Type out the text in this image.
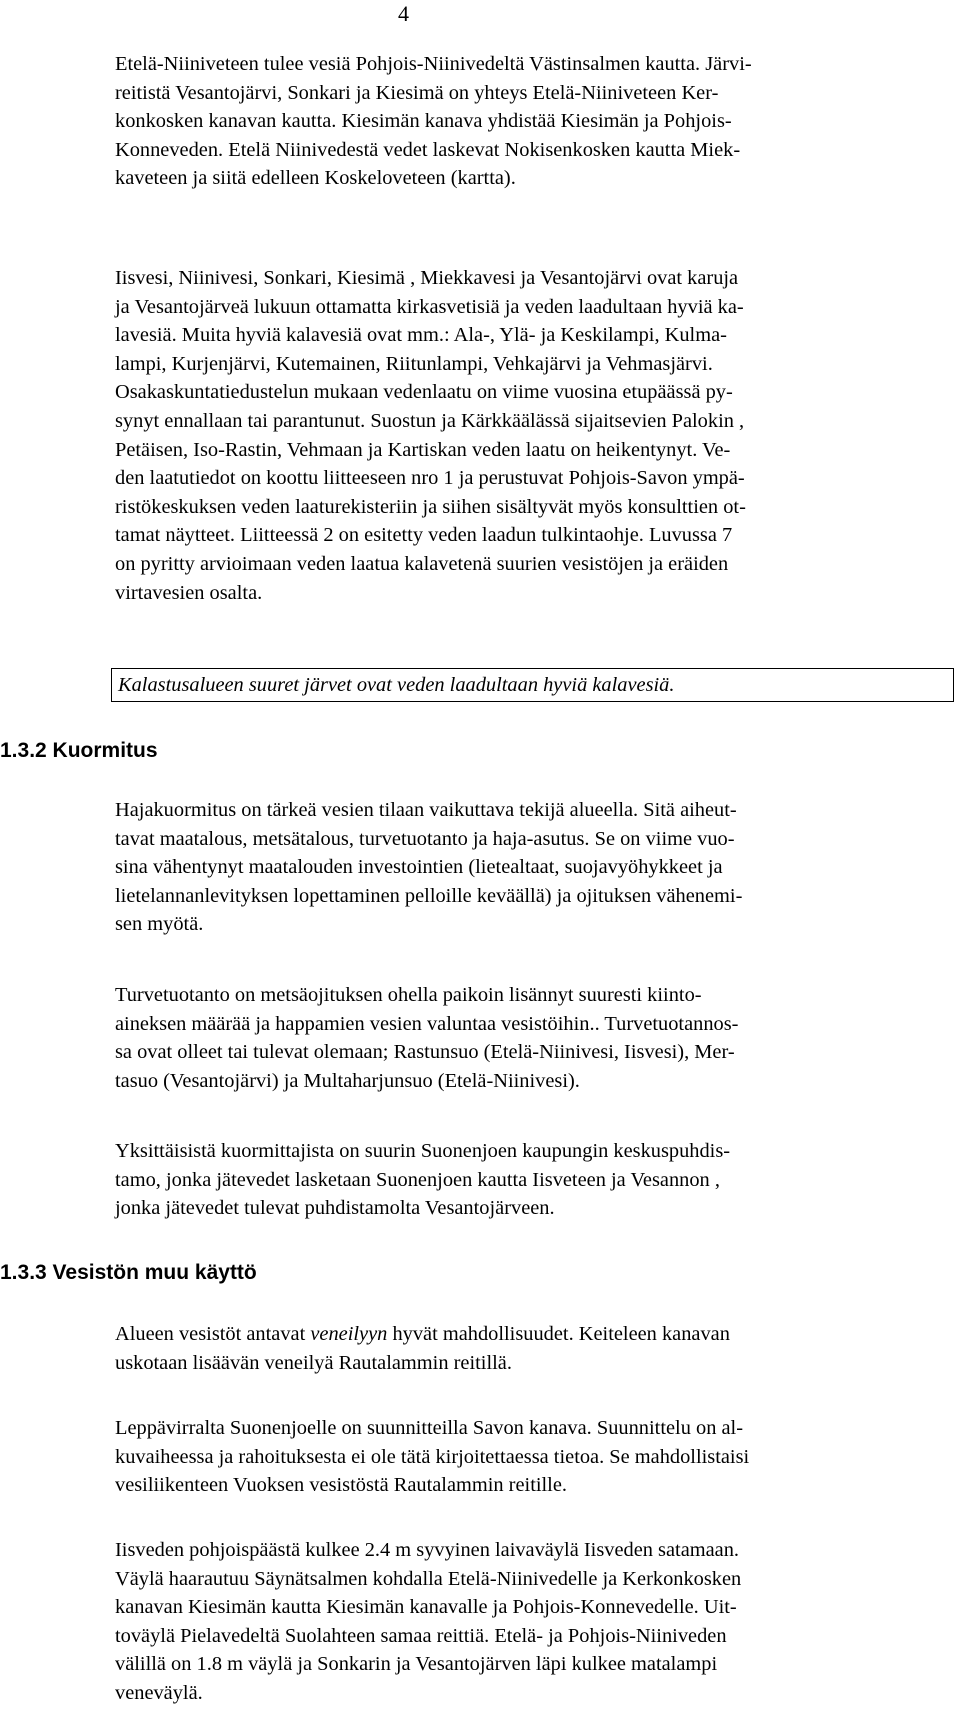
4
Etelä-Niiniveteen tulee vesiä Pohjois-Niinivedeltä Västinsalmen kautta. Järvi-
reitistä Vesantojärvi, Sonkari ja Kiesimä on yhteys Etelä-Niiniveteen Ker-
konkosken kanavan kautta. Kiesimän kanava yhdistää Kiesimän ja Pohjois-
Konneveden. Etelä Niinivedestä vedet laskevat Nokisenkosken kautta Miek-
kaveteen ja siitä edelleen Koskeloveteen (kartta).
Iisvesi, Niinivesi, Sonkari, Kiesimä , Miekkavesi ja Vesantojärvi ovat karuja
ja Vesantojärveä lukuun ottamatta kirkasvetisiä ja veden laadultaan hyviä ka-
lavesiä. Muita hyviä kalavesiä ovat mm.: Ala-, Ylä- ja Keskilampi, Kulma-
lampi, Kurjenjärvi, Kutemainen, Riitunlampi, Vehkajärvi ja Vehmasjärvi.
Osakaskuntatiedustelun mukaan vedenlaatu on viime vuosina etupäässä py-
synyt ennallaan tai parantunut. Suostun ja Kärkkäälässä sijaitsevien Palokin ,
Petäisen, Iso-Rastin, Vehmaan ja Kartiskan veden laatu on heikentynyt. Ve-
den laatutiedot on koottu liitteeseen nro 1 ja perustuvat Pohjois-Savon ympä-
ristökeskuksen veden laaturekisteriin ja siihen sisältyvät myös konsulttien ot-
tamat näytteet. Liitteessä 2 on esitetty veden laadun tulkintaohje. Luvussa 7
on pyritty arvioimaan veden laatua kalavetenä suurien vesistöjen ja eräiden
virtavesien osalta.
Kalastusalueen suuret järvet ovat veden laadultaan hyviä kalavesiä.
1.3.2 Kuormitus
Hajakuormitus on tärkeä vesien tilaan vaikuttava tekijä alueella. Sitä aiheut-
tavat maatalous, metsätalous, turvetuotanto ja haja-asutus. Se on viime vuo-
sina vähentynyt maatalouden investointien (lietealtaat, suojavyöhykkeet ja
lietelannanlevityksen lopettaminen pelloille keväällä) ja ojituksen vähenemi-
sen myötä.
Turvetuotanto on metsäojituksen ohella paikoin lisännyt suuresti kiinto-
aineksen määrää ja happamien vesien valuntaa vesistöihin.. Turvetuotannos-
sa ovat olleet tai tulevat olemaan; Rastunsuo (Etelä-Niinivesi, Iisvesi), Mer-
tasuo (Vesantojärvi) ja Multaharjunsuo (Etelä-Niinivesi).
Yksittäisistä kuormittajista on suurin Suonenjoen kaupungin keskuspuhdis-
tamo, jonka jätevedet lasketaan Suonenjoen kautta Iisveteen ja Vesannon ,
jonka jätevedet tulevat puhdistamolta Vesantojärveen.
1.3.3 Vesistön muu käyttö
Alueen vesistöt antavat veneilyyn hyvät mahdollisuudet. Keiteleen kanavan
uskotaan lisäävän veneilyä Rautalammin reitillä.
Leppävirralta Suonenjoelle on suunnitteilla Savon kanava. Suunnittelu on al-
kuvaiheessa ja rahoituksesta ei ole tätä kirjoitettaessa tietoa. Se mahdollistaisi
vesiliikenteen Vuoksen vesistöstä Rautalammin reitille.
Iisveden pohjoispäästä kulkee 2.4 m syvyinen laivaväylä Iisveden satamaan.
Väylä haarautuu Säynätsalmen kohdalla Etelä-Niinivedelle ja Kerkonkosken
kanavan Kiesimän kautta Kiesimän kanavalle ja Pohjois-Konnevedelle. Uit-
toväylä Pielavedeltä Suolahteen samaa reittiä. Etelä- ja Pohjois-Niiniveden
välillä on 1.8 m väylä ja Sonkarin ja Vesantojärven läpi kulkee matalampi
veneväylä.
